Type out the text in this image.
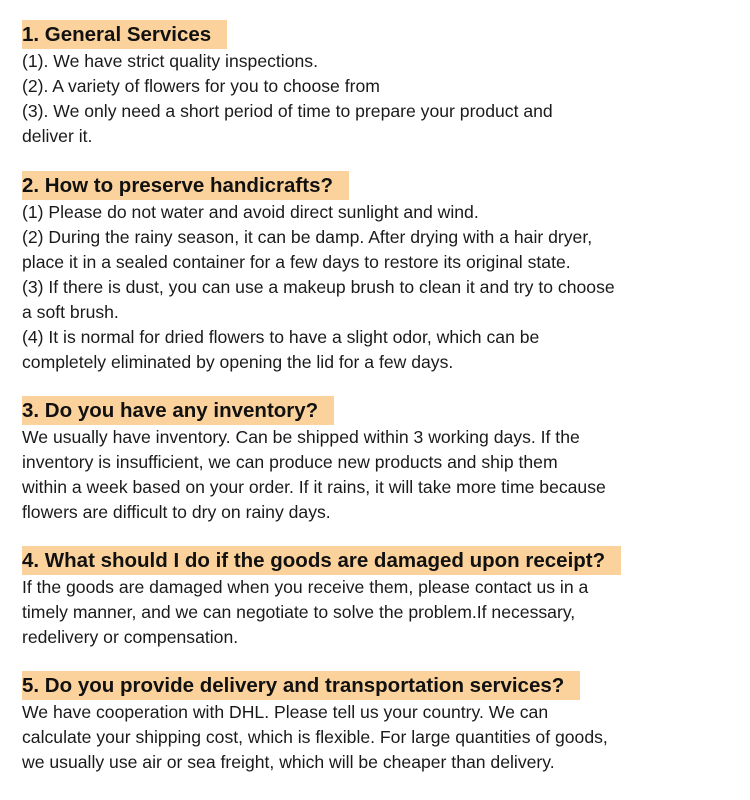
1. General Services
(1). We have strict quality inspections.
(2). A variety of flowers for you to choose from
(3). We only need a short period of time to prepare your product and
deliver it.
2. How to preserve handicrafts?
(1) Please do not water and avoid direct sunlight and wind.
(2) During the rainy season, it can be damp. After drying with a hair dryer,
place it in a sealed container for a few days to restore its original state.
(3) If there is dust, you can use a makeup brush to clean it and try to choose
a soft brush.
(4) It is normal for dried flowers to have a slight odor, which can be
completely eliminated by opening the lid for a few days.
3. Do you have any inventory?
We usually have inventory. Can be shipped within 3 working days. If the
inventory is insufficient, we can produce new products and ship them
within a week based on your order. If it rains, it will take more time because
flowers are difficult to dry on rainy days.
4. What should I do if the goods are damaged upon receipt?
If the goods are damaged when you receive them, please contact us in a
timely manner, and we can negotiate to solve the problem.If necessary,
redelivery or compensation.
5. Do you provide delivery and transportation services?
We have cooperation with DHL. Please tell us your country. We can
calculate your shipping cost, which is flexible. For large quantities of goods,
we usually use air or sea freight, which will be cheaper than delivery.
